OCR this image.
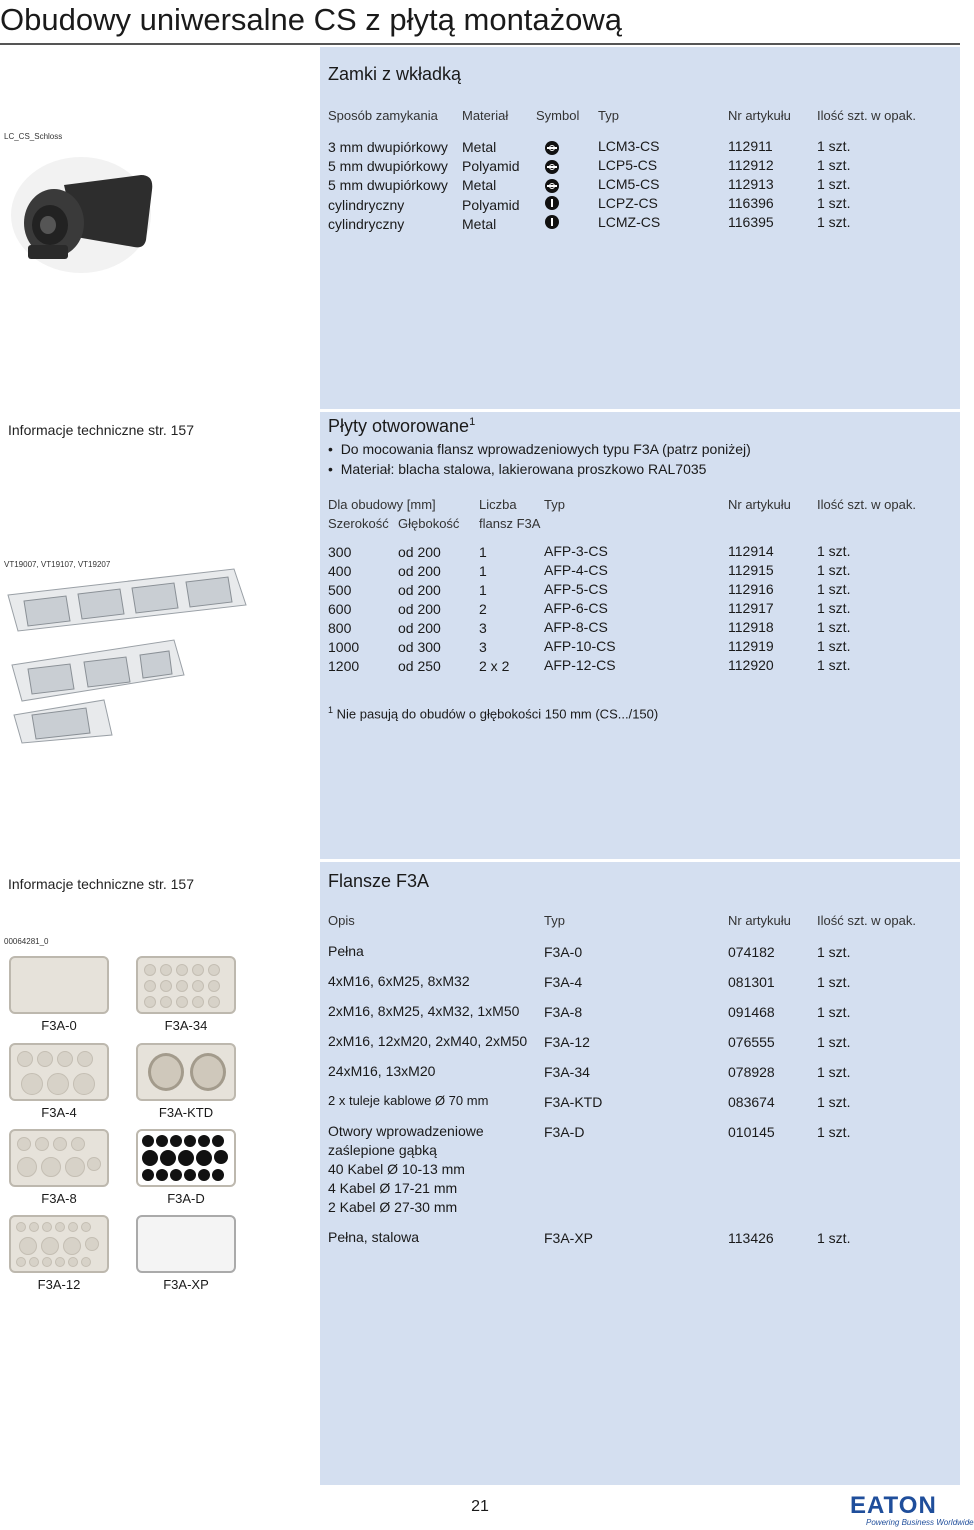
Obudowy uniwersalne CS z płytą montażową
LC_CS_Schloss
Zamki z wkładką
Sposób zamykania Materiał Symbol Typ	Nr artykułu Ilość szt. w opak.
3 mm dwupiórkowy Metal	LCM3-CS	112911	1 szt.
5 mm dwupiórkowy Polyamid	LCP5-CS	112912	1 szt.
5 mm dwupiórkowy Metal	LCM5-CS	112913	1 szt.
cylindryczny	Polyamid	LCPZ-CS	116396	1 szt.
cylindryczny	Metal	LCMZ-CS	116395	1 szt.
Informacje techniczne str. 157	Płyty otworowane$^1$
•  Do mocowania flansz wprowadzeniowych typu F3A (patrz poniżej)
•  Materiał: blacha stalowa, lakierowana proszkowo RAL7035
Dla obudowy [mm]	Liczba Typ	Nr artykułu Ilość szt. w opak.
Szerokość Głębokość flansz F3A
VT19007, VT19107, VT19207
300	od 200	1	AFP-3-CS	112914	1 szt.
400	od 200	1	AFP-4-CS	112915	1 szt.
500	od 200	1	AFP-5-CS	112916	1 szt.
600	od 200	2	AFP-6-CS	112917	1 szt.
800	od 200	3	AFP-8-CS	112918	1 szt.
1000	od 300	3	AFP-10-CS	112919	1 szt.
1200	od 250	2 x 2 AFP-12-CS	112920	1 szt.
$^1$ Nie pasują do obudów o głębokości 150 mm (CS.../150)
Informacje techniczne str. 157	Flansze F3A
Opis	Typ	Nr artykułu Ilość szt. w opak.
00064281_0
F3A-0	F3A-34
F3A-4	F3A-KTD
F3A-8	F3A-D
F3A-12	F3A-XP
Pełna	F3A-0	074182	1 szt.
4xM16, 6xM25, 8xM32	F3A-4	081301	1 szt.
2xM16, 8xM25, 4xM32, 1xM50 F3A-8	091468	1 szt.
2xM16, 12xM20, 2xM40, 2xM50 F3A-12	076555	1 szt.
24xM16, 13xM20	F3A-34	078928	1 szt.
2 x tuleje kablowe Ø 70 mm	F3A-KTD	083674	1 szt.
Otwory wprowadzeniowe
zaślepione gąbką
40 Kabel Ø 10-13 mm
4 Kabel Ø 17-21 mm
2 Kabel Ø 27-30 mm
F3A-D	010145	1 szt.
Pełna, stalowa	F3A-XP	113426	1 szt.
21	EATON
Powering Business Worldwide
